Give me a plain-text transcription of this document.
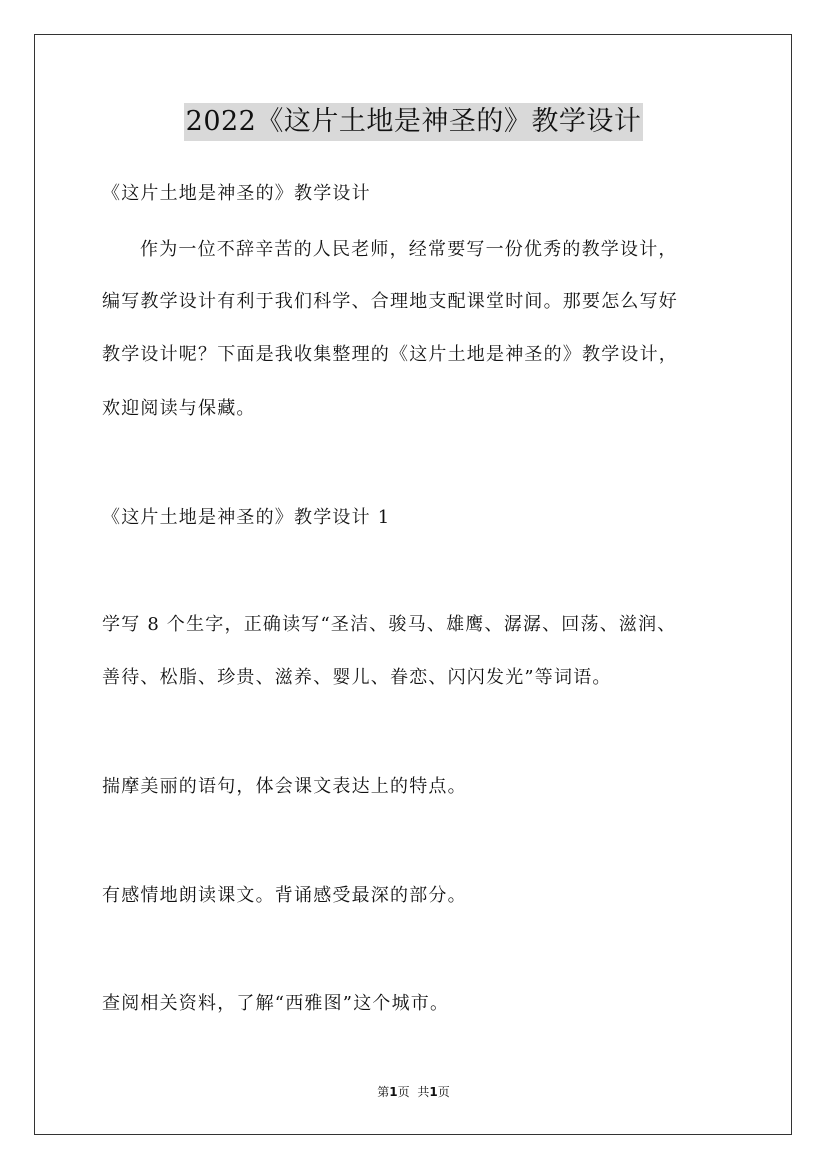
2022《这片土地是神圣的》教学设计
《这片土地是神圣的》教学设计
作为一位不辞辛苦的人民老师，经常要写一份优秀的教学设计，
编写教学设计有利于我们科学、合理地支配课堂时间。那要怎么写好
教学设计呢？下面是我收集整理的《这片土地是神圣的》教学设计，
欢迎阅读与保藏。
《这片土地是神圣的》教学设计 1
学写 8 个生字，正确读写“圣洁、骏马、雄鹰、潺潺、回荡、滋润、
善待、松脂、珍贵、滋养、婴儿、眷恋、闪闪发光”等词语。
揣摩美丽的语句，体会课文表达上的特点。
有感情地朗读课文。背诵感受最深的部分。
查阅相关资料，了解“西雅图”这个城市。
第1页 共1页
